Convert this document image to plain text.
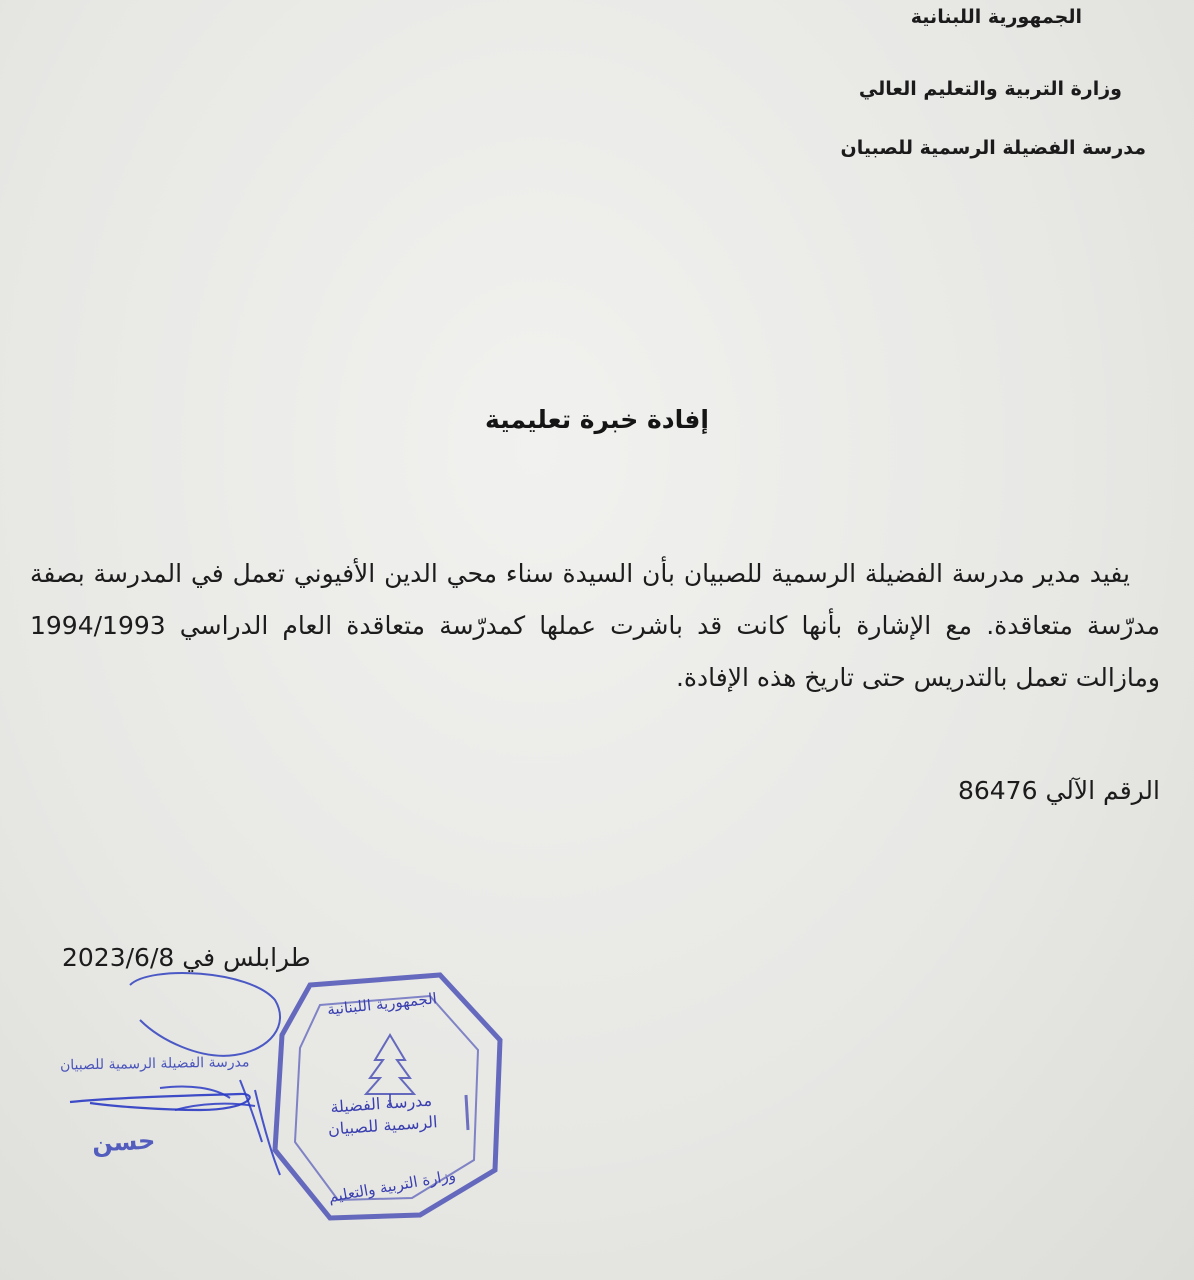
الجمهورية اللبنانية
وزارة التربية والتعليم العالي
مدرسة الفضيلة الرسمية للصبيان
إفادة خبرة تعليمية

يفيد مدير مدرسة الفضيلة الرسمية للصبيان بأن السيدة سناء محي الدين الأفيوني تعمل في المدرسة بصفة مدرّسة متعاقدة. مع الإشارة بأنها كانت قد باشرت عملها كمدرّسة متعاقدة العام الدراسي 1994/1993 ومازالت تعمل بالتدريس حتى تاريخ هذه الإفادة.

الرقم الآلي 86476
طرابلس في 2023/6/8
مدرسة الفضيلة الرسمية للصبيان
حسن
الجمهورية اللبنانية
مدرسة الفضيلة
الرسمية للصبيان
وزارة التربية والتعليم
